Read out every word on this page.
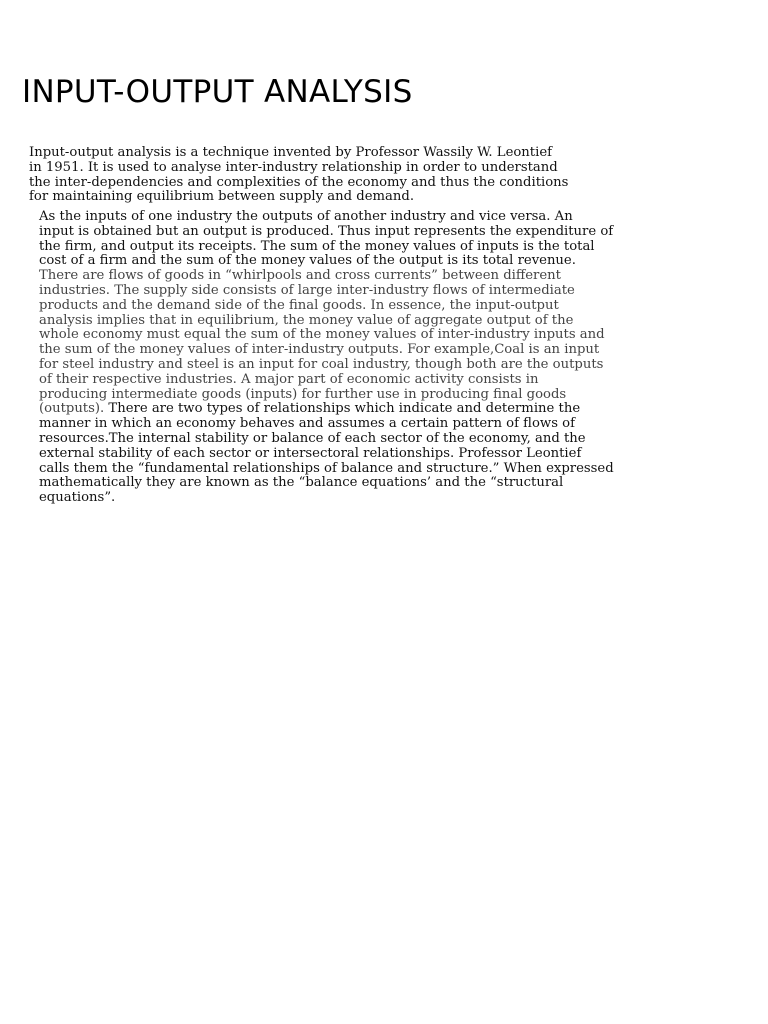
INPUT-OUTPUT ANALYSIS
Input-output analysis is a technique invented by Professor Wassily W. Leontief
in 1951. It is used to analyse inter-industry relationship in order to understand
the inter-dependencies and complexities of the economy and thus the conditions
for maintaining equilibrium between supply and demand.
As the inputs of one industry the outputs of another industry and vice versa. An
input is obtained but an output is produced. Thus input represents the expenditure of
the firm, and output its receipts. The sum of the money values of inputs is the total
cost of a firm and the sum of the money values of the output is its total revenue.
There are flows of goods in “whirlpools and cross currents” between different
industries. The supply side consists of large inter-industry flows of intermediate
products and the demand side of the final goods. In essence, the input-output
analysis implies that in equilibrium, the money value of aggregate output of the
whole economy must equal the sum of the money values of inter-industry inputs and
the sum of the money values of inter-industry outputs. For example,Coal is an input
for steel industry and steel is an input for coal industry, though both are the outputs
of their respective industries. A major part of economic activity consists in
producing intermediate goods (inputs) for further use in producing final goods
(outputs). There are two types of relationships which indicate and determine the
manner in which an economy behaves and assumes a certain pattern of flows of
resources.The internal stability or balance of each sector of the economy, and the
external stability of each sector or intersectoral relationships. Professor Leontief
calls them the “fundamental relationships of balance and structure.” When expressed
mathematically they are known as the “balance equations’ and the “structural
equations”.
